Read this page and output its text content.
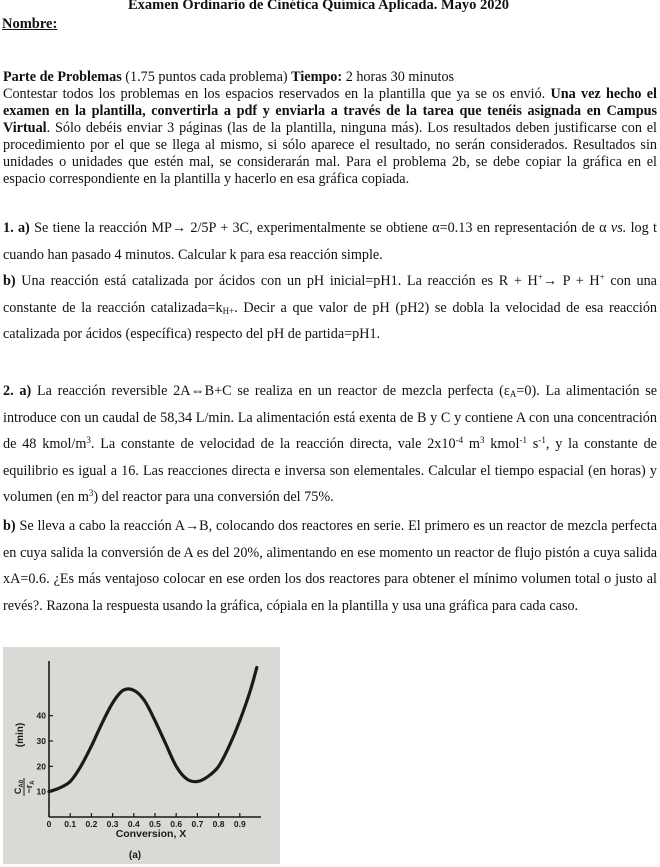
Examen Ordinario de Cinética Química Aplicada. Mayo 2020
Nombre:
Parte de Problemas (1.75 puntos cada problema) Tiempo: 2 horas 30 minutos
Contestar todos los problemas en los espacios reservados en la plantilla que ya se os envió. Una vez hecho el examen en la plantilla, convertirla a pdf y enviarla a través de la tarea que tenéis asignada en Campus Virtual. Sólo debéis enviar 3 páginas (las de la plantilla, ninguna más). Los resultados deben justificarse con el procedimiento por el que se llega al mismo, si sólo aparece el resultado, no serán considerados. Resultados sin unidades o unidades que estén mal, se considerarán mal. Para el problema 2b, se debe copiar la gráfica en el espacio correspondiente en la plantilla y hacerlo en esa gráfica copiada.
1. a) Se tiene la reacción MP→ 2/5P + 3C, experimentalmente se obtiene α=0.13 en representación de α vs. log t cuando han pasado 4 minutos. Calcular k para esa reacción simple.
b) Una reacción está catalizada por ácidos con un pH inicial=pH1. La reacción es R + H+→ P + H+ con una constante de la reacción $catalizada=k_{H+}$. Decir a que valor de pH (pH2) se dobla la velocidad de esa reacción catalizada por ácidos (específica) respecto del pH de partida=pH1.
2. a) La reacción reversible 2A⇔B+C se realiza en un reactor de mezcla perfecta $(\varepsilon_A=0)$. La alimentación se introduce con un caudal de 58,34 L/min. La alimentación está exenta de B y C y contiene A con una concentración de 48 kmol/$m^3$. La constante de velocidad de la reacción directa, vale $2x10^{-4}$ $m^3$ kmol$^{-1}$ $s^{-1}$, y la constante de equilibrio es igual a 16. Las reacciones directa e inversa son elementales. Calcular el tiempo espacial (en horas) y volumen (en $m^3$) del reactor para una conversión del 75%.
b) Se lleva a cabo la reacción A→B, colocando dos reactores en serie. El primero es un reactor de mezcla perfecta en cuya salida la conversión de A es del 20%, alimentando en ese momento un reactor de flujo pistón a cuya salida xA=0.6. ¿Es más ventajoso colocar en ese orden los dos reactores para obtener el mínimo volumen total o justo al revés?. Razona la respuesta usando la gráfica, cópiala en la plantilla y usa una gráfica para cada caso.
0 0.1 0.2 0.3 0.4 0.5 0.6 0.7 0.8 0.9
10
20
30
40
(min)
$C_{A0}$
$-r_A$
Conversion, X
(a)
